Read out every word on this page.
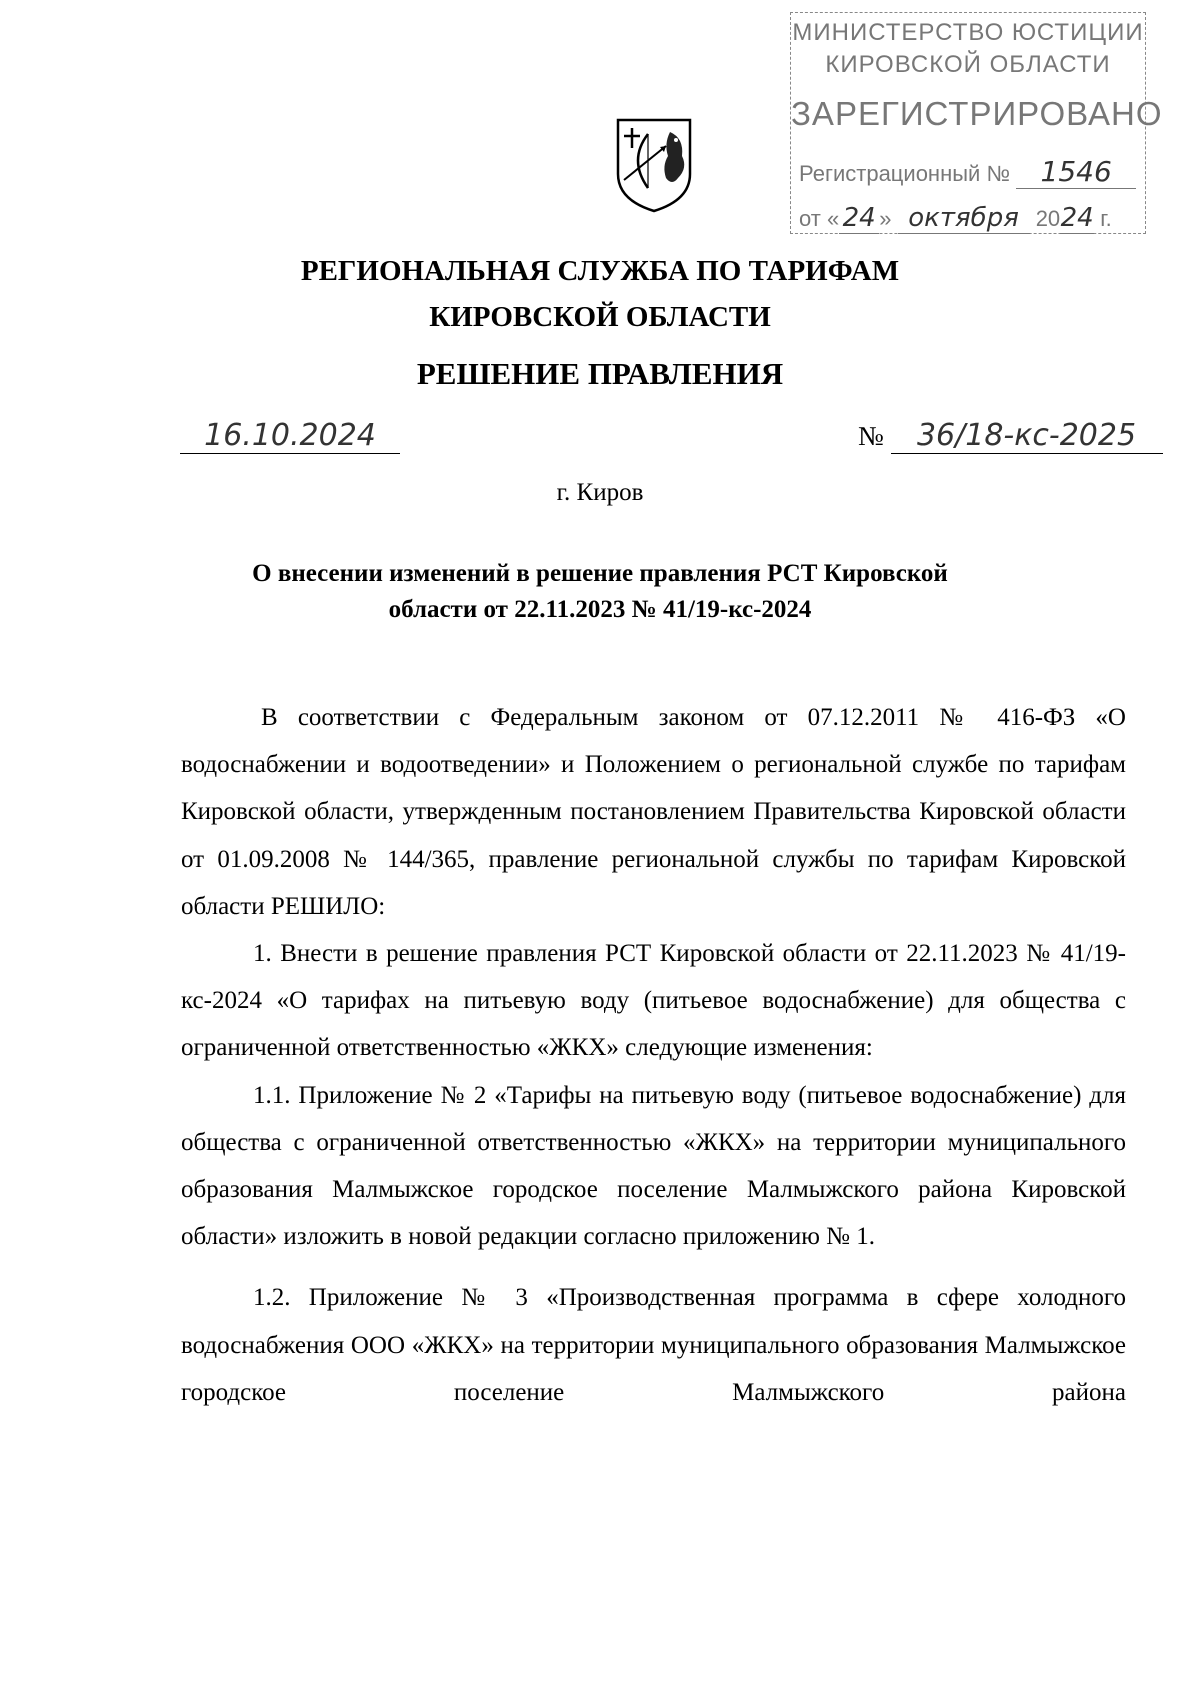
МИНИСТЕРСТВО ЮСТИЦИИ
КИРОВСКОЙ ОБЛАСТИ
ЗАРЕГИСТРИРОВАНО
Регистрационный № 1546
от « 24 » октября 2024 г.
РЕГИОНАЛЬНАЯ СЛУЖБА ПО ТАРИФАМ
КИРОВСКОЙ ОБЛАСТИ
РЕШЕНИЕ ПРАВЛЕНИЯ
16.10.2024	№ 36/18-кс-2025
г. Киров
О внесении изменений в решение правления РСТ Кировской
области от 22.11.2023 № 41/19-кс-2024

В соответствии с Федеральным законом от 07.12.2011 № 416-ФЗ «О водоснабжении и водоотведении» и Положением о региональной службе по тарифам Кировской области, утвержденным постановлением Правительства Кировской области от 01.09.2008 № 144/365, правление региональной службы по тарифам Кировской области РЕШИЛО:

1. Внести в решение правления РСТ Кировской области от 22.11.2023 № 41/19-кс-2024 «О тарифах на питьевую воду (питьевое водоснабжение) для общества с ограниченной ответственностью «ЖКХ» следующие изменения:

1.1. Приложение № 2 «Тарифы на питьевую воду (питьевое водоснабжение) для общества с ограниченной ответственностью «ЖКХ» на территории муниципального образования Малмыжское городское поселение Малмыжского района Кировской области» изложить в новой редакции согласно приложению № 1.

1.2. Приложение № 3 «Производственная программа в сфере холодного водоснабжения ООО «ЖКХ» на территории муниципального образования Малмыжское городское поселение Малмыжского района
